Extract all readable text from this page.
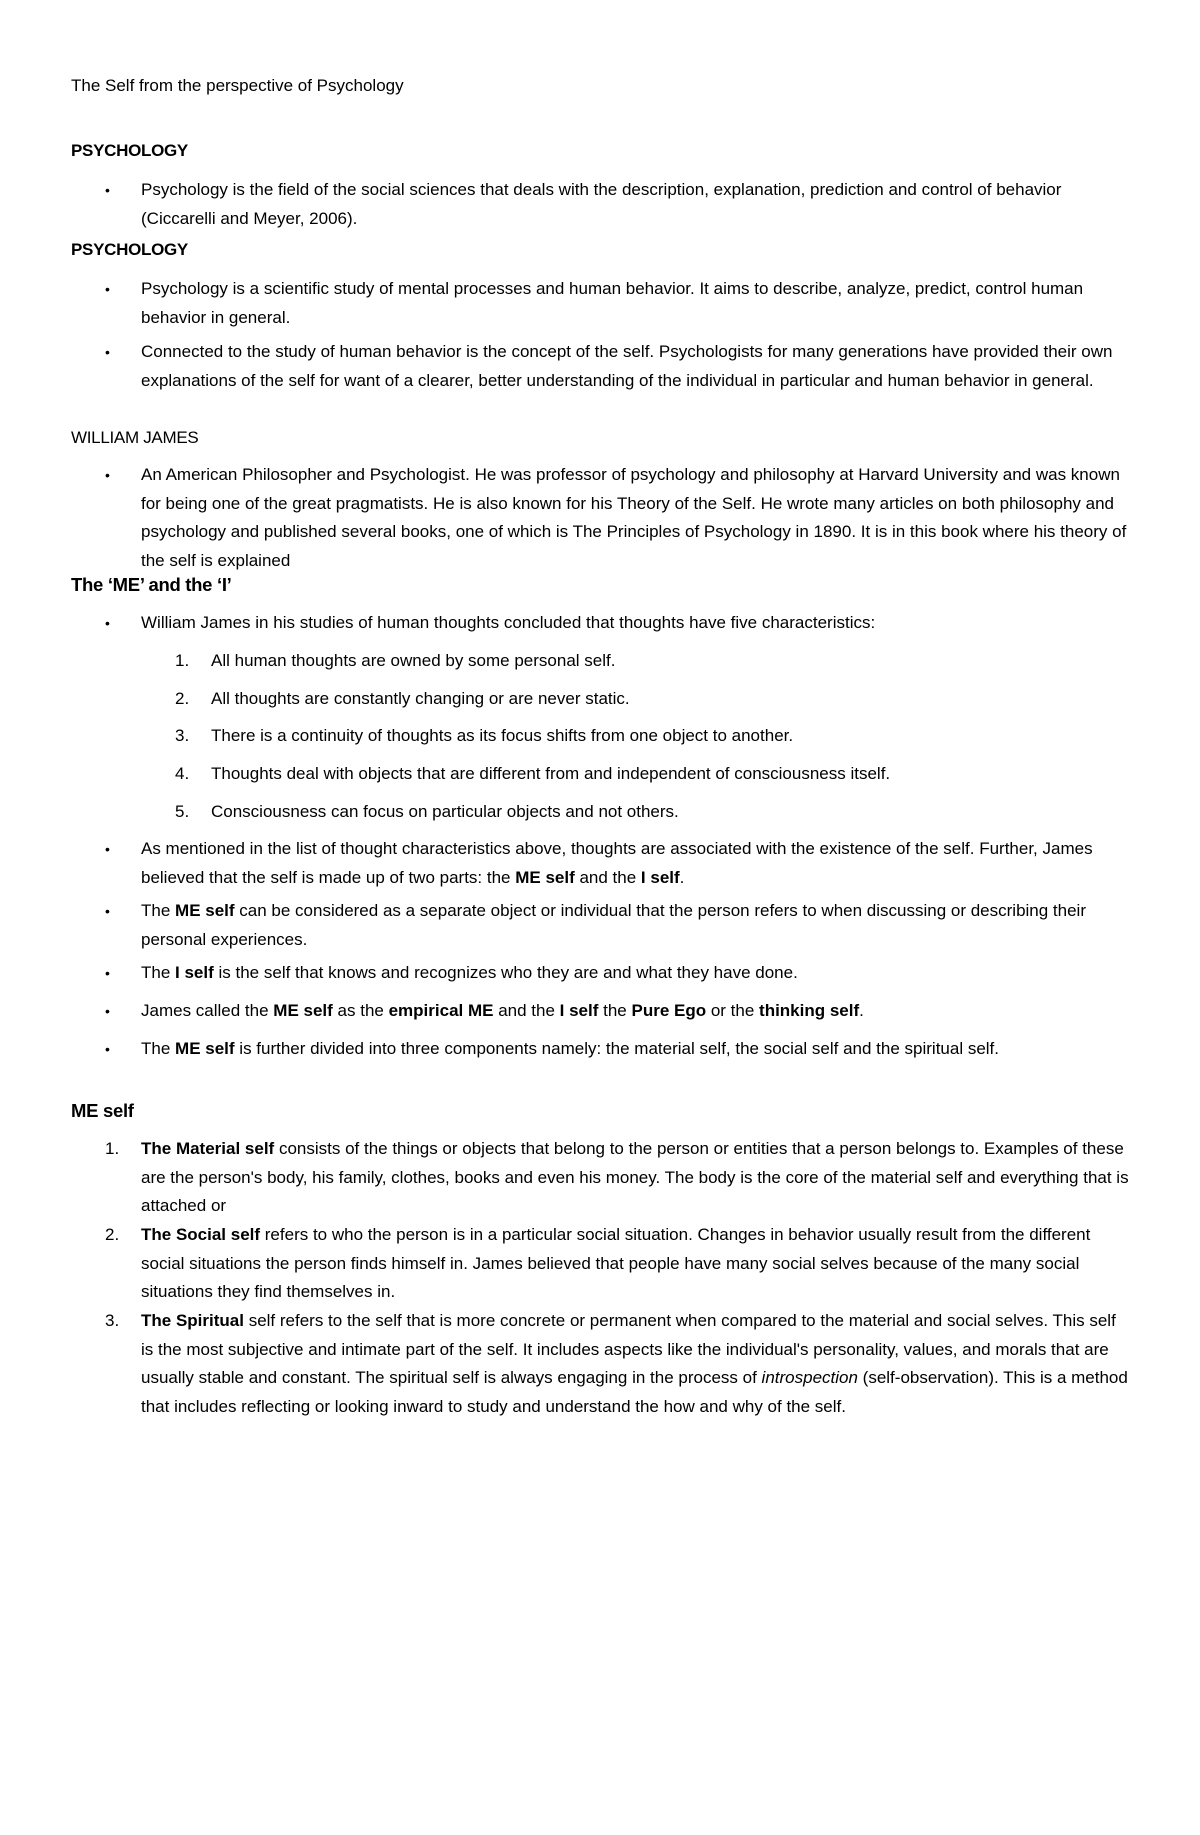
The Self from the perspective of Psychology

PSYCHOLOGY

• Psychology is the field of the social sciences that deals with the description, explanation, prediction and control of behavior (Ciccarelli and Meyer, 2006).

PSYCHOLOGY

• Psychology is a scientific study of mental processes and human behavior. It aims to describe, analyze, predict, control human behavior in general.

• Connected to the study of human behavior is the concept of the self. Psychologists for many generations have provided their own explanations of the self for want of a clearer, better understanding of the individual in particular and human behavior in general.

WILLIAM JAMES

• An American Philosopher and Psychologist. He was professor of psychology and philosophy at Harvard University and was known for being one of the great pragmatists. He is also known for his Theory of the Self. He wrote many articles on both philosophy and psychology and published several books, one of which is The Principles of Psychology in 1890. It is in this book where his theory of the self is explained

The ‘ME’ and the ‘I’

• William James in his studies of human thoughts concluded that thoughts have five characteristics:

1. All human thoughts are owned by some personal self.

2. All thoughts are constantly changing or are never static.

3. There is a continuity of thoughts as its focus shifts from one object to another.

4. Thoughts deal with objects that are different from and independent of consciousness itself.

5. Consciousness can focus on particular objects and not others.

• As mentioned in the list of thought characteristics above, thoughts are associated with the existence of the self. Further, James believed that the self is made up of two parts: the ME self and the I self.

• The ME self can be considered as a separate object or individual that the person refers to when discussing or describing their personal experiences.

• The I self is the self that knows and recognizes who they are and what they have done.

• James called the ME self as the empirical ME and the I self the Pure Ego or the thinking self.

• The ME self is further divided into three components namely: the material self, the social self and the spiritual self.

ME self

1. The Material self consists of the things or objects that belong to the person or entities that a person belongs to. Examples of these are the person's body, his family, clothes, books and even his money. The body is the core of the material self and everything that is attached or

2. The Social self refers to who the person is in a particular social situation. Changes in behavior usually result from the different social situations the person finds himself in. James believed that people have many social selves because of the many social situations they find themselves in.

3. The Spiritual self refers to the self that is more concrete or permanent when compared to the material and social selves. This self is the most subjective and intimate part of the self. It includes aspects like the individual's personality, values, and morals that are usually stable and constant. The spiritual self is always engaging in the process of introspection (self-observation). This is a method that includes reflecting or looking inward to study and understand the how and why of the self.
